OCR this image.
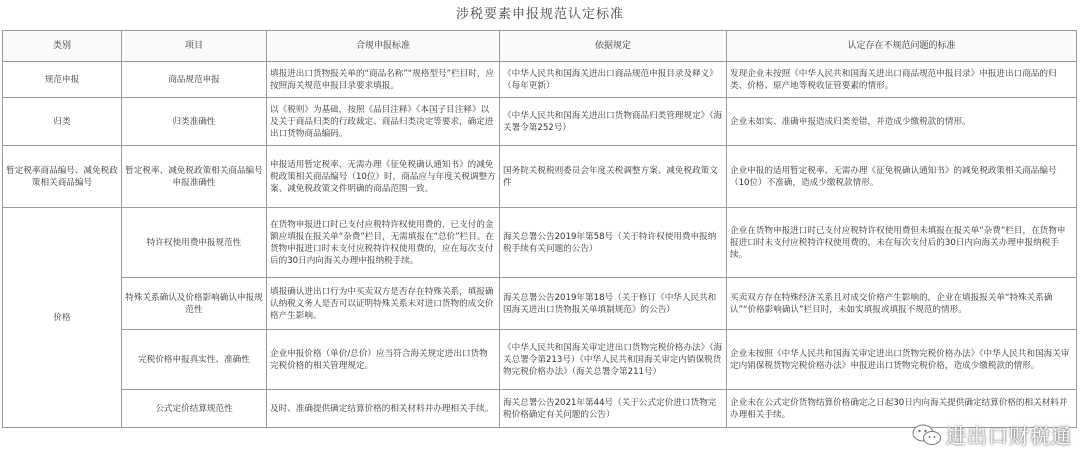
涉税要素申报规范认定标准
类别	项目	合规申报标准	依据规定	认定存在不规范问题的标准
规范申报	商品规范申报	填报进出口货物报关单的“商品名称”“规格型号”栏目时，应按照海关规范申报目录要求填报。	《中华人民共和国海关进出口商品规范申报目录及释义》（每年更新）	发现企业未按照《中华人民共和国海关进出口商品规范申报目录》申报进出口商品的归类、价格、原产地等税收征管要素的情形。
归类	归类准确性	以《税则》为基础，按照《品目注释》《本国子目注释》以及关于商品归类的行政裁定、商品归类决定等要求，确定进出口货物商品编码。	《中华人民共和国海关进出口货物商品归类管理规定》（海关署令第252号）	企业未如实、准确申报造成归类差错，并造成少缴税款的情形。
暂定税率商品编号、减免税政策相关商品编号	暂定税率、减免税政策相关商品编号申报准确性	申报适用暂定税率、无需办理《征免税确认通知书》的减免税政策相关商品编号（10位）时，商品应与年度关税调整方案、减免税政策文件明确的商品范围一致。	国务院关税税则委员会年度关税调整方案、减免税政策文件	企业申报的适用暂定税率、无需办理《征免税确认通知书》的减免税政策相关商品编号（10位）不准确，造成少缴税款情形。
价格	特许权使用费申报规范性	在货物申报进口时已支付应税特许权使用费的，已支付的金额应填报在报关单“杂费”栏目，无需填报在“总价”栏目。在货物申报进口时未支付应税特许权使用费的，应在每次支付后的30日内向海关办理申报纳税手续。	海关总署公告2019年第58号（关于特许权使用费申报纳税手续有关问题的公告）	企业在货物申报进口时已支付应税特许权使用费但未填报在报关单“杂费”栏目，在货物申报进口时未支付应税特许权使用费的，未在每次支付后的30日内向海关办理申报纳税手续。
	特殊关系确认及价格影响确认申报规范性	填报确认进出口行为中买卖双方是否存在特殊关系，填报确认纳税义务人是否可以证明特殊关系未对进口货物的成交价格产生影响。	海关总署公告2019年第18号（关于修订《中华人民共和国海关进出口货物报关单填制规范》的公告）	买卖双方存在特殊经济关系且对成交价格产生影响的，企业在填报报关单“特殊关系确认”“价格影响确认”栏目时，未如实填报或填报不规范的情形。
	完税价格申报真实性、准确性	企业申报价格（单价/总价）应当符合海关规定进出口货物完税价格的相关管理规定。	《中华人民共和国海关审定进出口货物完税价格办法》（海关总署令第213号）《中华人民共和国海关审定内销保税货物完税价格办法》（海关总署令第211号）	企业未按照《中华人民共和国海关审定进出口货物完税价格办法》《中华人民共和国海关审定内销保税货物完税价格办法》申报进出口货物完税价格，造成少缴税款的情形。
	公式定价结算规范性	及时、准确提供确定结算价格的相关材料并办理相关手续。	海关总署公告2021年第44号（关于公式定价进口货物完税价格确定有关问题的公告）	企业未在公式定价货物结算价格确定之日起30日内向海关提供确定结算价格的相关材料并办理相关手续。
进出口财税通
